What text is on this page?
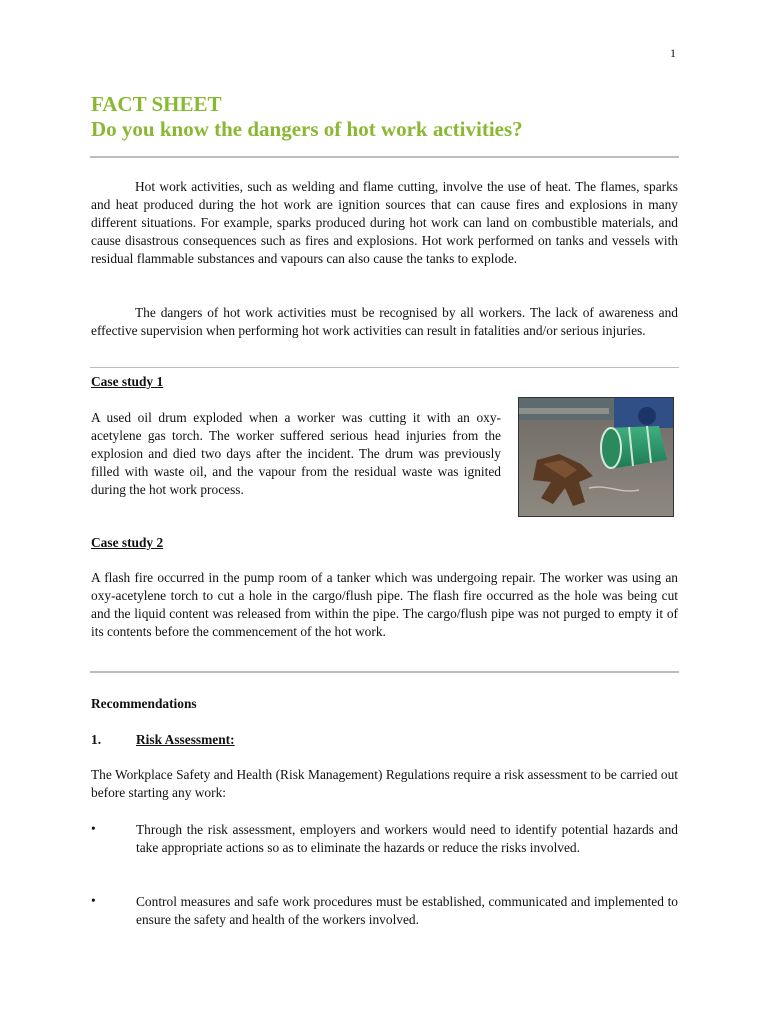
1
FACT SHEET
Do you know the dangers of hot work activities?

Hot work activities, such as welding and flame cutting, involve the use of heat. The flames, sparks and heat produced during the hot work are ignition sources that can cause fires and explosions in many different situations. For example, sparks produced during hot work can land on combustible materials, and cause disastrous consequences such as fires and explosions. Hot work performed on tanks and vessels with residual flammable substances and vapours can also cause the tanks to explode.

The dangers of hot work activities must be recognised by all workers. The lack of awareness and effective supervision when performing hot work activities can result in fatalities and/or serious injuries.

Case study 1

A used oil drum exploded when a worker was cutting it with an oxy-acetylene gas torch. The worker suffered serious head injuries from the explosion and died two days after the incident. The drum was previously filled with waste oil, and the vapour from the residual waste was ignited during the hot work process.

Case study 2

A flash fire occurred in the pump room of a tanker which was undergoing repair. The worker was using an oxy-acetylene torch to cut a hole in the cargo/flush pipe. The flash fire occurred as the hole was being cut and the liquid content was released from within the pipe. The cargo/flush pipe was not purged to empty it of its contents before the commencement of the hot work.

Recommendations

1.	Risk Assessment:

The Workplace Safety and Health (Risk Management) Regulations require a risk assessment to be carried out before starting any work:

•	Through the risk assessment, employers and workers would need to identify potential hazards and take appropriate actions so as to eliminate the hazards or reduce the risks involved.

•	Control measures and safe work procedures must be established, communicated and implemented to ensure the safety and health of the workers involved.
